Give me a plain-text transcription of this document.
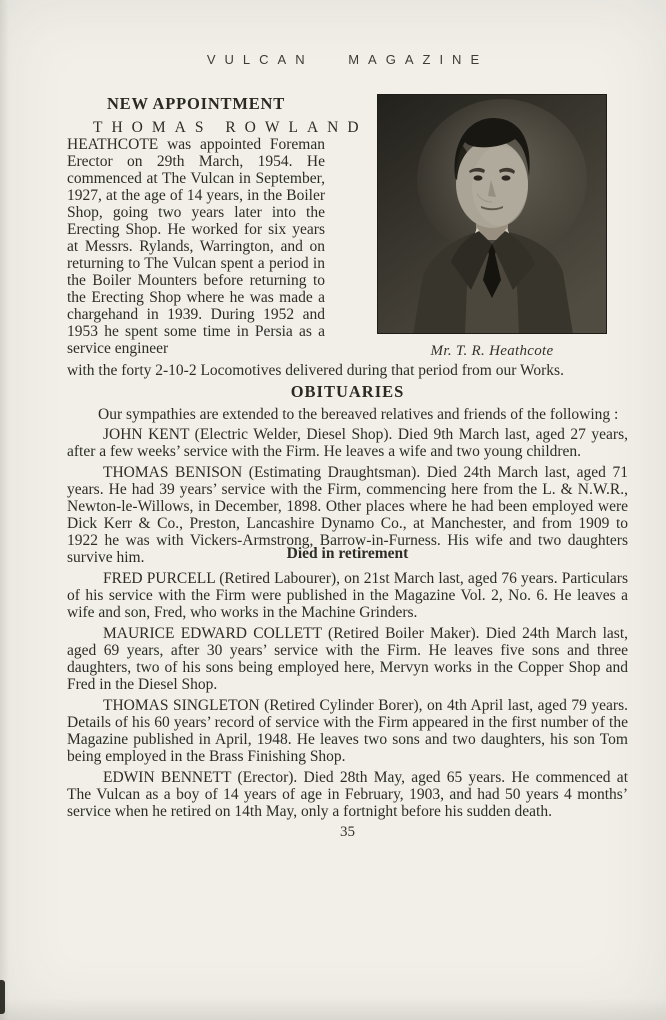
VULCAN MAGAZINE
NEW APPOINTMENT

THOMAS ROWLAND
HEATHCOTE was appointed Foreman Erector on 29th March, 1954. He commenced at The Vulcan in September, 1927, at the age of 14 years, in the Boiler Shop, going two years later into the Erecting Shop. He worked for six years at Messrs. Rylands, Warrington, and on returning to The Vulcan spent a period in the Boiler Mounters before returning to the Erecting Shop where he was made a chargehand in 1939. During 1952 and 1953 he spent some time in Persia as a service engineer	Mr. T. R. Heathcote

with the forty 2-10-2 Locomotives delivered during that period from our Works.

OBITUARIES

Our sympathies are extended to the bereaved relatives and friends of the following :

JOHN KENT (Electric Welder, Diesel Shop). Died 9th March last, aged 27 years, after a few weeks’ service with the Firm. He leaves a wife and two young children.

THOMAS BENISON (Estimating Draughtsman). Died 24th March last, aged 71 years. He had 39 years’ service with the Firm, commencing here from the L. & N.W.R., Newton-le-Willows, in December, 1898. Other places where he had been employed were Dick Kerr & Co., Preston, Lancashire Dynamo Co., at Manchester, and from 1909 to 1922 he was with Vickers-Armstrong, Barrow-in-Furness. His wife and two daughters survive him.	Died in retirement

FRED PURCELL (Retired Labourer), on 21st March last, aged 76 years. Particulars of his service with the Firm were published in the Magazine Vol. 2, No. 6. He leaves a wife and son, Fred, who works in the Machine Grinders.

MAURICE EDWARD COLLETT (Retired Boiler Maker). Died 24th March last, aged 69 years, after 30 years’ service with the Firm. He leaves five sons and three daughters, two of his sons being employed here, Mervyn works in the Copper Shop and Fred in the Diesel Shop.

THOMAS SINGLETON (Retired Cylinder Borer), on 4th April last, aged 79 years. Details of his 60 years’ record of service with the Firm appeared in the first number of the Magazine published in April, 1948. He leaves two sons and two daughters, his son Tom being employed in the Brass Finishing Shop.

EDWIN BENNETT (Erector). Died 28th May, aged 65 years. He commenced at The Vulcan as a boy of 14 years of age in February, 1903, and had 50 years 4 months’ service when he retired on 14th May, only a fortnight before his sudden death.

35
